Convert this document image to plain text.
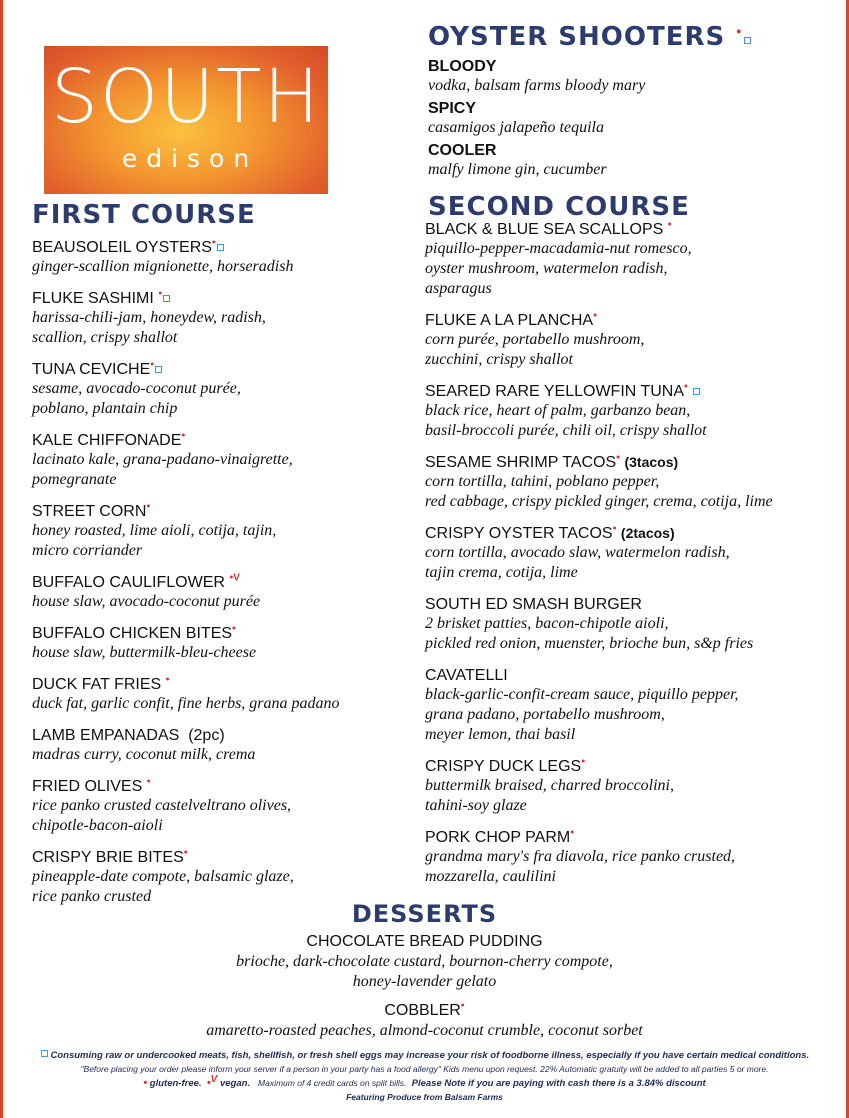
SOUTH
edison
OYSTER SHOOTERS •
BLOODY
vodka, balsam farms bloody mary
SPICY
casamigos jalapeño tequila
COOLER
malfy limone gin, cucumber
FIRST COURSE
BEAUSOLEIL OYSTERS•
ginger-scallion mignionette, horseradish
FLUKE SASHIMI •
harissa-chili-jam, honeydew, radish,
scallion, crispy shallot
TUNA CEVICHE•
sesame, avocado-coconut purée,
poblano, plantain chip
KALE CHIFFONADE•
lacinato kale, grana-padano-vinaigrette,
pomegranate
STREET CORN•
honey roasted, lime aioli, cotija, tajin,
micro corriander
BUFFALO CAULIFLOWER $^{•V}$
house slaw, avocado-coconut purée
BUFFALO CHICKEN BITES•
house slaw, buttermilk-bleu-cheese
DUCK FAT FRIES •
duck fat, garlic confit, fine herbs, grana padano
LAMB EMPANADAS  (2pc)
madras curry, coconut milk, crema
FRIED OLIVES •
rice panko crusted castelveltrano olives,
chipotle-bacon-aioli
CRISPY BRIE BITES•
pineapple-date compote, balsamic glaze,
rice panko crusted
SECOND COURSE
BLACK & BLUE SEA SCALLOPS •
piquillo-pepper-macadamia-nut romesco,
oyster mushroom, watermelon radish,
asparagus
FLUKE A LA PLANCHA•
corn purée, portabello mushroom,
zucchini, crispy shallot
SEARED RARE YELLOWFIN TUNA•
black rice, heart of palm, garbanzo bean,
basil-broccoli purée, chili oil, crispy shallot
SESAME SHRIMP TACOS• (3tacos)
corn tortilla, tahini, poblano pepper,
red cabbage, crispy pickled ginger, crema, cotija, lime
CRISPY OYSTER TACOS• (2tacos)
corn tortilla, avocado slaw, watermelon radish,
tajin crema, cotija, lime
SOUTH ED SMASH BURGER
2 brisket patties, bacon-chipotle aioli,
pickled red onion, muenster, brioche bun, s&p fries
CAVATELLI
black-garlic-confit-cream sauce, piquillo pepper,
grana padano, portabello mushroom,
meyer lemon, thai basil
CRISPY DUCK LEGS•
buttermilk braised, charred broccolini,
tahini-soy glaze
PORK CHOP PARM•
grandma mary's fra diavola, rice panko crusted,
mozzarella, caulilini
DESSERTS
CHOCOLATE BREAD PUDDING
brioche, dark-chocolate custard, bournon-cherry compote,
honey-lavender gelato
COBBLER•
amaretto-roasted peaches, almond-coconut crumble, coconut sorbet
Consuming raw or undercooked meats, fish, shellfish, or fresh shell eggs may increase your risk of foodborne illness, especially if you have certain medical conditions.
"Before placing your order please inform your server if a person in your party has a food allergy" Kids menu upon request. 22% Automatic gratuity will be added to all parties 5 or more.
• gluten-free. •V vegan. Maximum of 4 credit cards on split bills. Please Note if you are paying with cash there is a 3.84% discount
Featuring Produce from Balsam Farms
